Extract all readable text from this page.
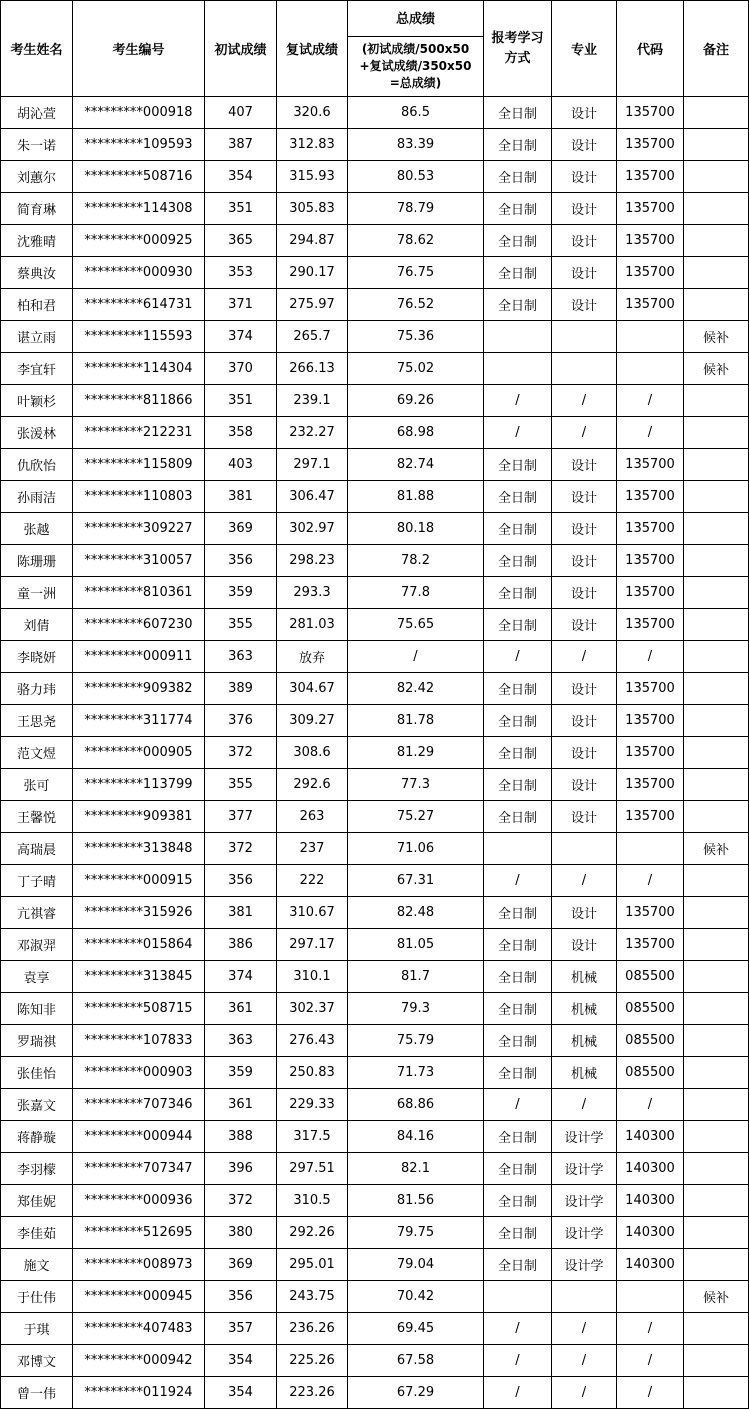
考生姓名	考生编号	初试成绩	复试成绩	总成绩
(初试成绩/500x50
+复试成绩/350x50
=总成绩)	报考学习
方式	专业	代码	备注
胡沁萱	*********000918	407	320.6	86.5	全日制	设计	135700	
朱一诺	*********109593	387	312.83	83.39	全日制	设计	135700	
刘蕙尔	*********508716	354	315.93	80.53	全日制	设计	135700	
简育琳	*********114308	351	305.83	78.79	全日制	设计	135700	
沈雅晴	*********000925	365	294.87	78.62	全日制	设计	135700	
蔡典汝	*********000930	353	290.17	76.75	全日制	设计	135700	
柏和君	*********614731	371	275.97	76.52	全日制	设计	135700	
谌立雨	*********115593	374	265.7	75.36				候补
李宜轩	*********114304	370	266.13	75.02				候补
叶颖杉	*********811866	351	239.1	69.26	/	/	/	
张湲林	*********212231	358	232.27	68.98	/	/	/	
仇欣怡	*********115809	403	297.1	82.74	全日制	设计	135700	
孙雨洁	*********110803	381	306.47	81.88	全日制	设计	135700	
张越	*********309227	369	302.97	80.18	全日制	设计	135700	
陈珊珊	*********310057	356	298.23	78.2	全日制	设计	135700	
童一洲	*********810361	359	293.3	77.8	全日制	设计	135700	
刘倩	*********607230	355	281.03	75.65	全日制	设计	135700	
李晓妍	*********000911	363	放弃	/	/	/	/	
骆力玮	*********909382	389	304.67	82.42	全日制	设计	135700	
王思尧	*********311774	376	309.27	81.78	全日制	设计	135700	
范文煜	*********000905	372	308.6	81.29	全日制	设计	135700	
张可	*********113799	355	292.6	77.3	全日制	设计	135700	
王馨悦	*********909381	377	263	75.27	全日制	设计	135700	
高瑞晨	*********313848	372	237	71.06				候补
丁子晴	*********000915	356	222	67.31	/	/	/	
亢祺睿	*********315926	381	310.67	82.48	全日制	设计	135700	
邓淑羿	*********015864	386	297.17	81.05	全日制	设计	135700	
袁享	*********313845	374	310.1	81.7	全日制	机械	085500	
陈知非	*********508715	361	302.37	79.3	全日制	机械	085500	
罗瑞祺	*********107833	363	276.43	75.79	全日制	机械	085500	
张佳怡	*********000903	359	250.83	71.73	全日制	机械	085500	
张嘉文	*********707346	361	229.33	68.86	/	/	/	
蒋静璇	*********000944	388	317.5	84.16	全日制	设计学	140300	
李羽檬	*********707347	396	297.51	82.1	全日制	设计学	140300	
郑佳妮	*********000936	372	310.5	81.56	全日制	设计学	140300	
李佳茹	*********512695	380	292.26	79.75	全日制	设计学	140300	
施文	*********008973	369	295.01	79.04	全日制	设计学	140300	
于仕伟	*********000945	356	243.75	70.42				候补
于琪	*********407483	357	236.26	69.45	/	/	/	
邓博文	*********000942	354	225.26	67.58	/	/	/	
曾一伟	*********011924	354	223.26	67.29	/	/	/	
